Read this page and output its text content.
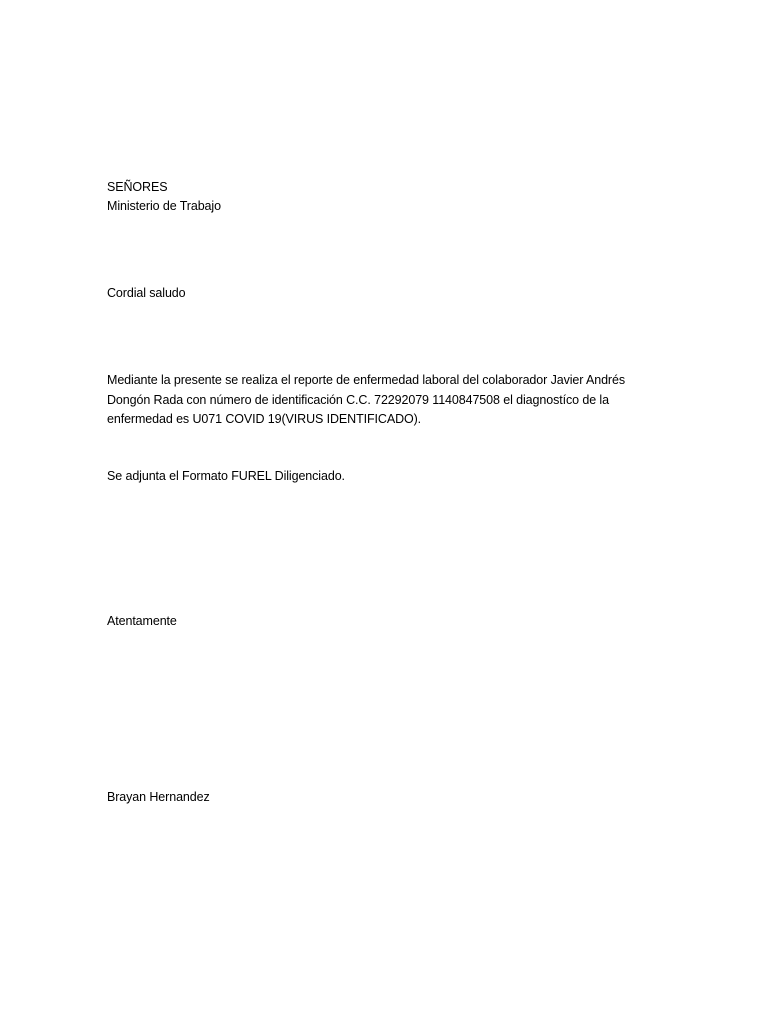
SEÑORES
Ministerio de Trabajo
Cordial saludo
Mediante la presente se realiza el reporte de enfermedad laboral del colaborador Javier Andrés
Dongón Rada con número de identificación C.C. 72292079 1140847508 el diagnostíco de la
enfermedad es U071 COVID 19(VIRUS IDENTIFICADO).
Se adjunta el Formato FUREL Diligenciado.
Atentamente
Brayan Hernandez
